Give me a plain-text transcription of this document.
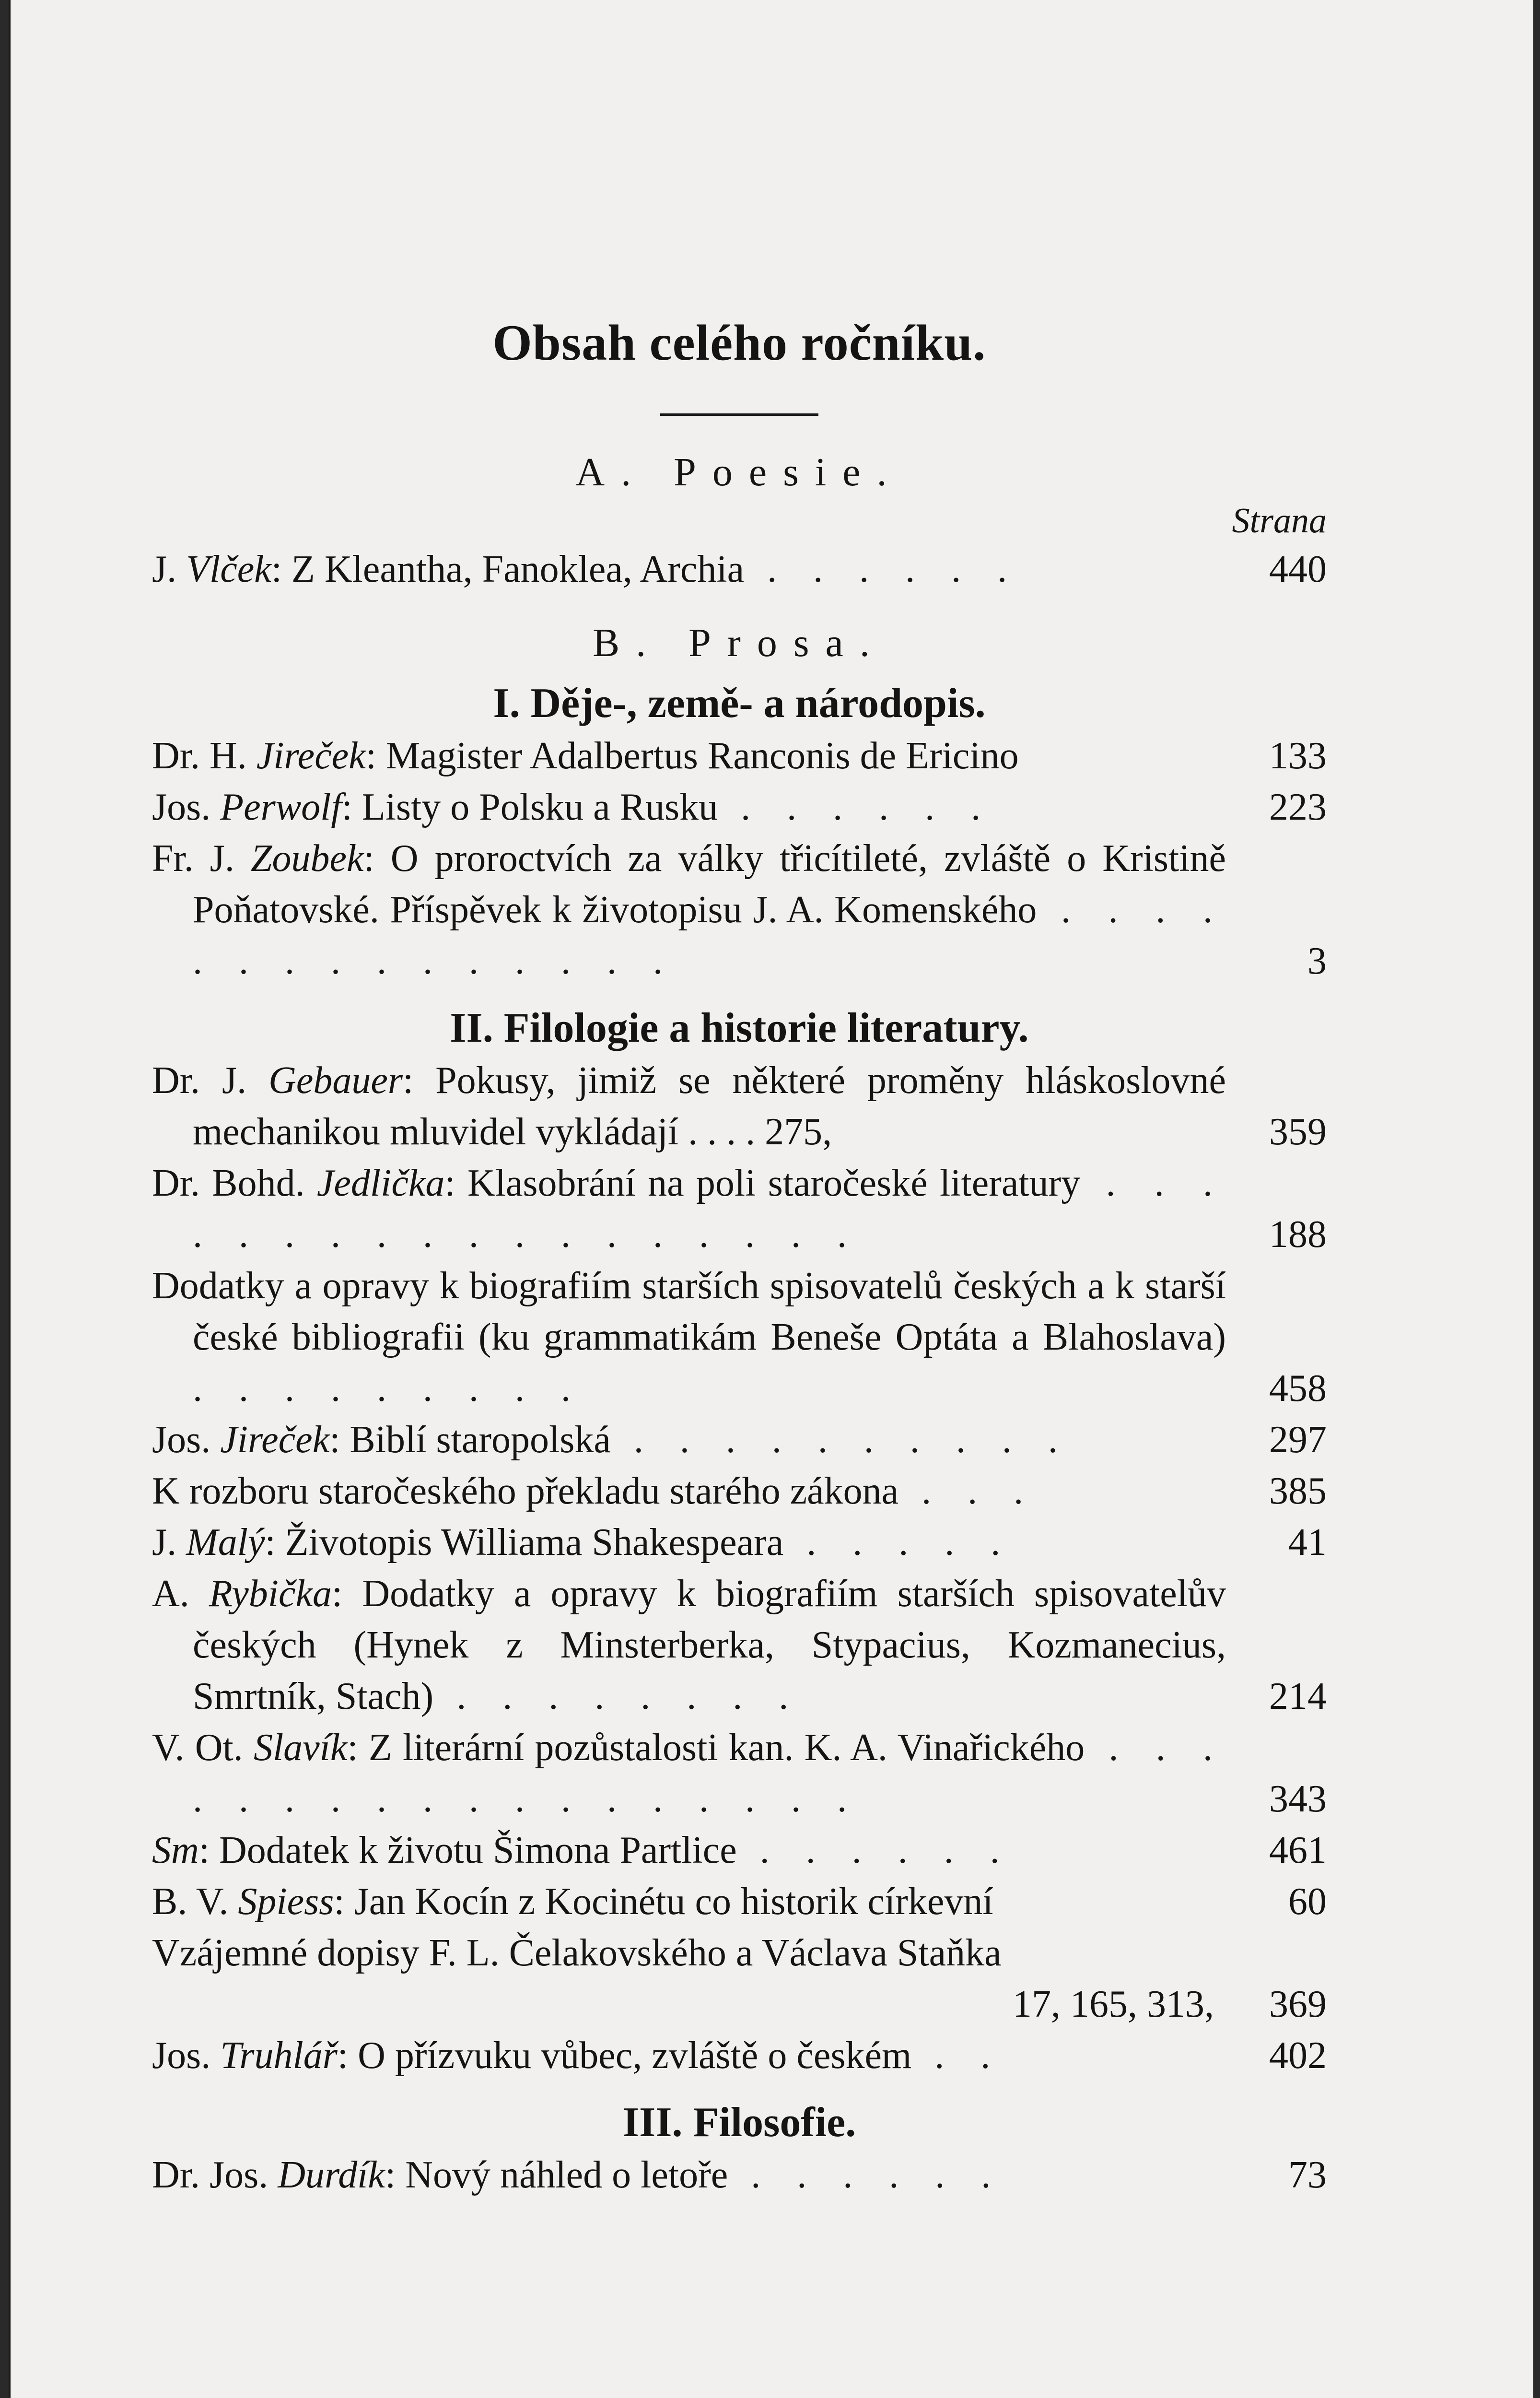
Obsah celého ročníku.
A. Poesie.
Strana
J. Vlček: Z Kleantha, Fanoklea, Archia . . . . . .	440
B. Prosa.
I. Děje-, země- a národopis.
Dr. H. Jireček: Magister Adalbertus Ranconis de Ericino	133
Jos. Perwolf: Listy o Polsku a Rusku . . . . . .	223
Fr. J. Zoubek: O proroctvích za války třicítileté, zvláště o Kristině Poňatovské. Příspěvek k životopisu J. A. Komenského . . . . . . . . . . . . . . .	3
II. Filologie a historie literatury.
Dr. J. Gebauer: Pokusy, jimiž se některé proměny hláskoslovné mechanikou mluvidel vykládají . . . . 275,	359
Dr. Bohd. Jedlička: Klasobrání na poli staročeské literatury . . . . . . . . . . . . . . . . . .	188
Dodatky a opravy k biografiím starších spisovatelů českých a k starší české bibliografii (ku grammatikám Beneše Optáta a Blahoslava) . . . . . . . . .	458
Jos. Jireček: Biblí staropolská . . . . . . . . . .	297
K rozboru staročeského překladu starého zákona . . .	385
J. Malý: Životopis Williama Shakespeara . . . . .	41
A. Rybička: Dodatky a opravy k biografiím starších spisovatelův českých (Hynek z Minsterberka, Stypacius, Kozmanecius, Smrtník, Stach) . . . . . . . .	214
V. Ot. Slavík: Z literární pozůstalosti kan. K. A. Vinařického . . . . . . . . . . . . . . . . . .	343
Sm: Dodatek k životu Šimona Partlice . . . . . .	461
B. V. Spiess: Jan Kocín z Kocinétu co historik církevní	60
Vzájemné dopisy F. L. Čelakovského a Václava Staňka
17, 165, 313, 369
Jos. Truhlář: O přízvuku vůbec, zvláště o českém . .	402
III. Filosofie.
Dr. Jos. Durdík: Nový náhled o letoře . . . . . .	73
